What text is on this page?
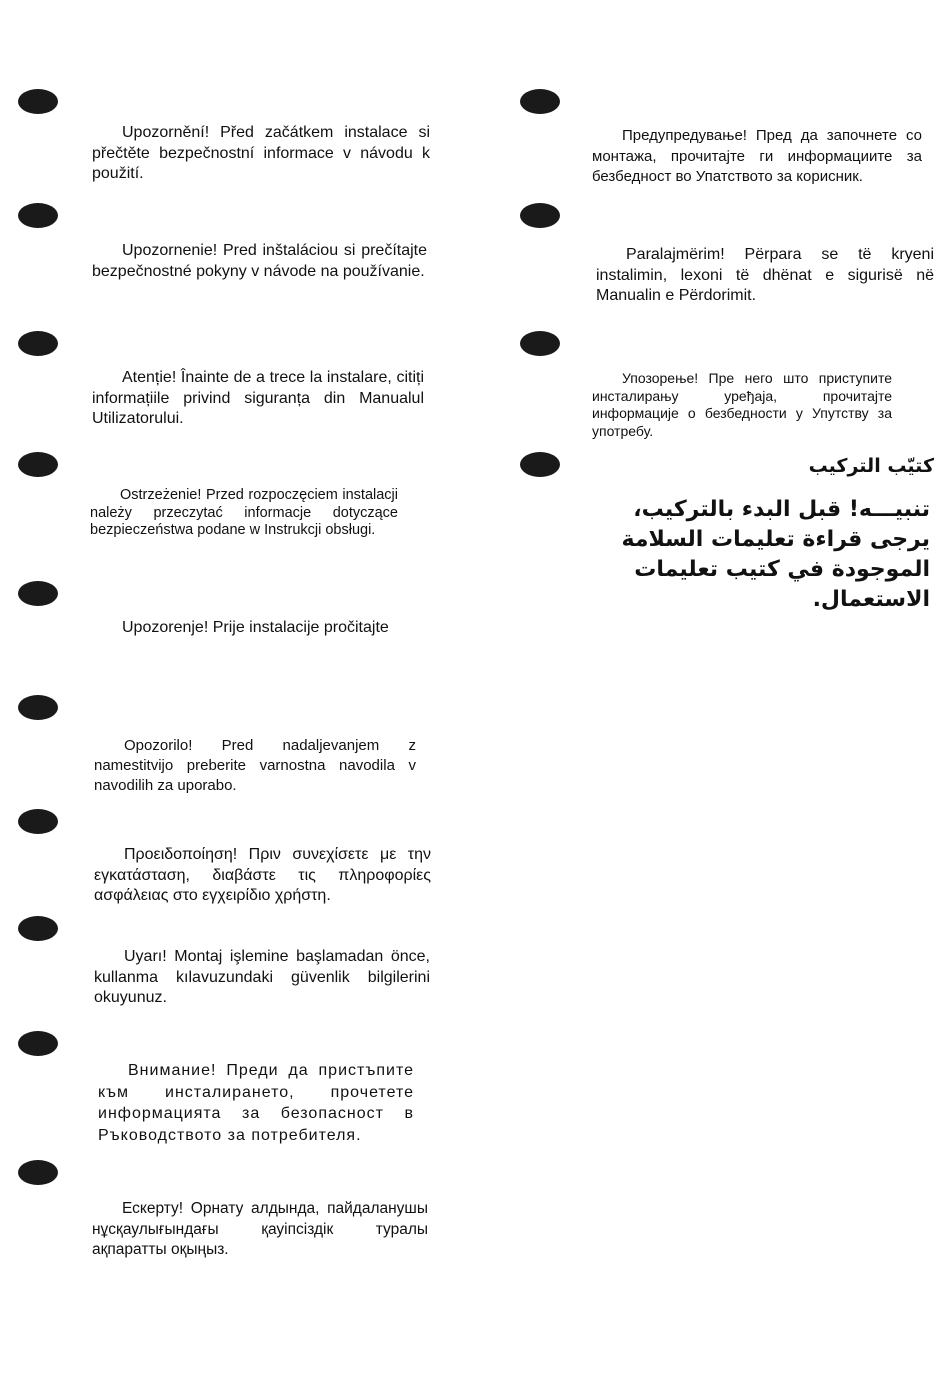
Upozornění! Před začátkem instalace si přečtěte bezpečnostní informace v návodu k použití.

Upozornenie! Pred inštaláciou si prečítajte bezpečnostné pokyny v návode na používanie.

Atenție! Înainte de a trece la instalare, citiți informațiile privind siguranța din Manualul Utilizatorului.

Ostrzeżenie! Przed rozpoczęciem instalacji należy przeczytać informacje dotyczące bezpieczeństwa podane w Instrukcji obsługi.

Upozorenje! Prije instalacije pročitajte

Opozorilo! Pred nadaljevanjem z namestitvijo preberite varnostna navodila v navodilih za uporabo.

Προειδοποίηση! Πριν συνεχίσετε με την εγκατάσταση, διαβάστε τις πληροφορίες ασφάλειας στο εγχειρίδιο χρήστη.

Uyarı! Montaj işlemine başlamadan önce, kullanma kılavuzundaki güvenlik bilgilerini okuyunuz.

Внимание! Преди да пристъпите към инсталирането, прочетете информацията за безопасност в Ръководството за потребителя.

Ескерту! Орнату алдында, пайдаланушы нұсқаулығындағы қауіпсіздік туралы ақпаратты оқыңыз.

Предупредување! Пред да започнете со монтажа, прочитајте ги информациите за безбедност во Упатството за корисник.

Paralajmërim! Përpara se të kryeni instalimin, lexoni të dhënat e sigurisë në Manualin e Përdorimit.

Упозорење! Пре него што приступите инсталирању уређаја, прочитајте информације о безбедности у Упутству за употребу.

كتيّب التركيب

تنبيـــه! قبل البدء بالتركيب، يرجى قراءة تعليمات السلامة الموجودة في كتيب تعليمات الاستعمال.
